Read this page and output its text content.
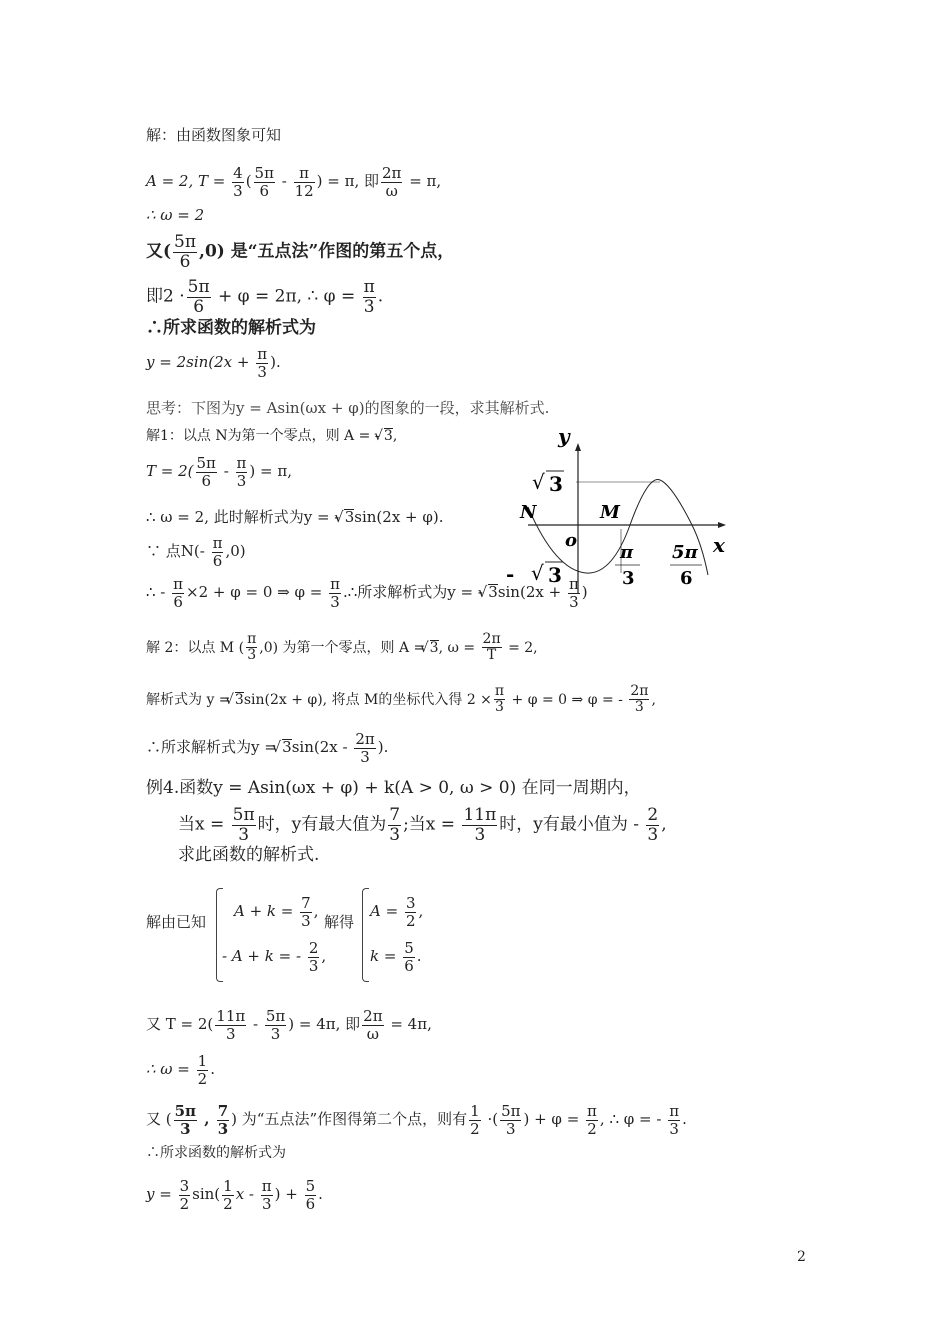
解：由函数图象可知
A = 2, $T = \frac{4}{3}$ ( $\frac{5\pi}{6} - \frac{\pi}{12}$ ) = π, 即 $\frac{2\pi}{\omega} = \pi$,
∴ ω = 2
又( $\frac{5\pi}{6} ,0$) 是“五点法”作图的第五个点，
即$2 \cdot \frac{5\pi}{6} + \varphi = 2\pi$, ∴ $\varphi = \frac{\pi}{3}$ .
∴所求函数的解析式为
$y = 2\sin(2x + \frac{\pi}{3}$ ).
思考：下图为y = Asin(ωx + φ)的图象的一段，求其解析式.
解1：以点 N为第一个零点，则 A = - √ 3,
$T = 2( \frac{5\pi}{6} - \frac{\pi}{3}$ ) = π,
∴ ω = 2, 此时解析式为y = - √ 3sin(2x + φ).
∵ 点$N(- \frac{\pi}{6} ,0)$
∴ - $\frac{\pi}{6} \times 2 + \varphi = 0$ ⇒ $\varphi = \frac{\pi}{3}$ .∴所求解析式为y = - √ $3\sin(2x + \frac{\pi}{3}$ )
解 2：以点 M ( $\frac{\pi}{3} ,0$) 为第一个零点，则 A = √ 3, $\omega = \frac{2\pi}{T} = 2$,
解析式为 y = √ 3sin(2x + φ), 将点 M的坐标代入得 $2 \times \frac{\pi}{3} + \varphi = 0$ ⇒ φ = - $\frac{2\pi}{3}$ ,
∴所求解析式为y = √ $3\sin(2x - \frac{2\pi}{3}$ ).
y
x
√ 3
N	M
o
π
3
5π
6
- √ 3
例4.函数y = Asin(ωx + φ) + k(A > 0, ω > 0) 在同一周期内，
当$x = \frac{5\pi}{3}$ 时，y有最大值为 $\frac{7}{3}$ ;当$x = \frac{11\pi}{3}$ 时，y有最小值为 - $\frac{2}{3}$ ,
求此函数的解析式.
解由已知
$A + k = \frac{7}{3}$ ,
- A + k = - $\frac{2}{3}$ ,
解得
$A = \frac{3}{2}$ ,
$k = \frac{5}{6}$ .
又 $T = 2( \frac{11\pi}{3} - \frac{5\pi}{3}$ ) = 4π, 即 $\frac{2\pi}{\omega} = 4\pi$,
∴ $\omega = \frac{1}{2}$ .
又 ( $\frac{5\pi}{3}$ , $\frac{7}{3}$ ) 为“五点法”作图得第二个点，则有 $\frac{1}{2}$ ·( $\frac{5\pi}{3}$ ) + $\varphi = \frac{\pi}{2}$ , ∴ φ = - $\frac{\pi}{3}$ .
∴所求函数的解析式为
$y = \frac{3}{2} \sin( \frac{1}{2}$ x - $\frac{\pi}{3}$ ) + $\frac{5}{6}$ .
2
